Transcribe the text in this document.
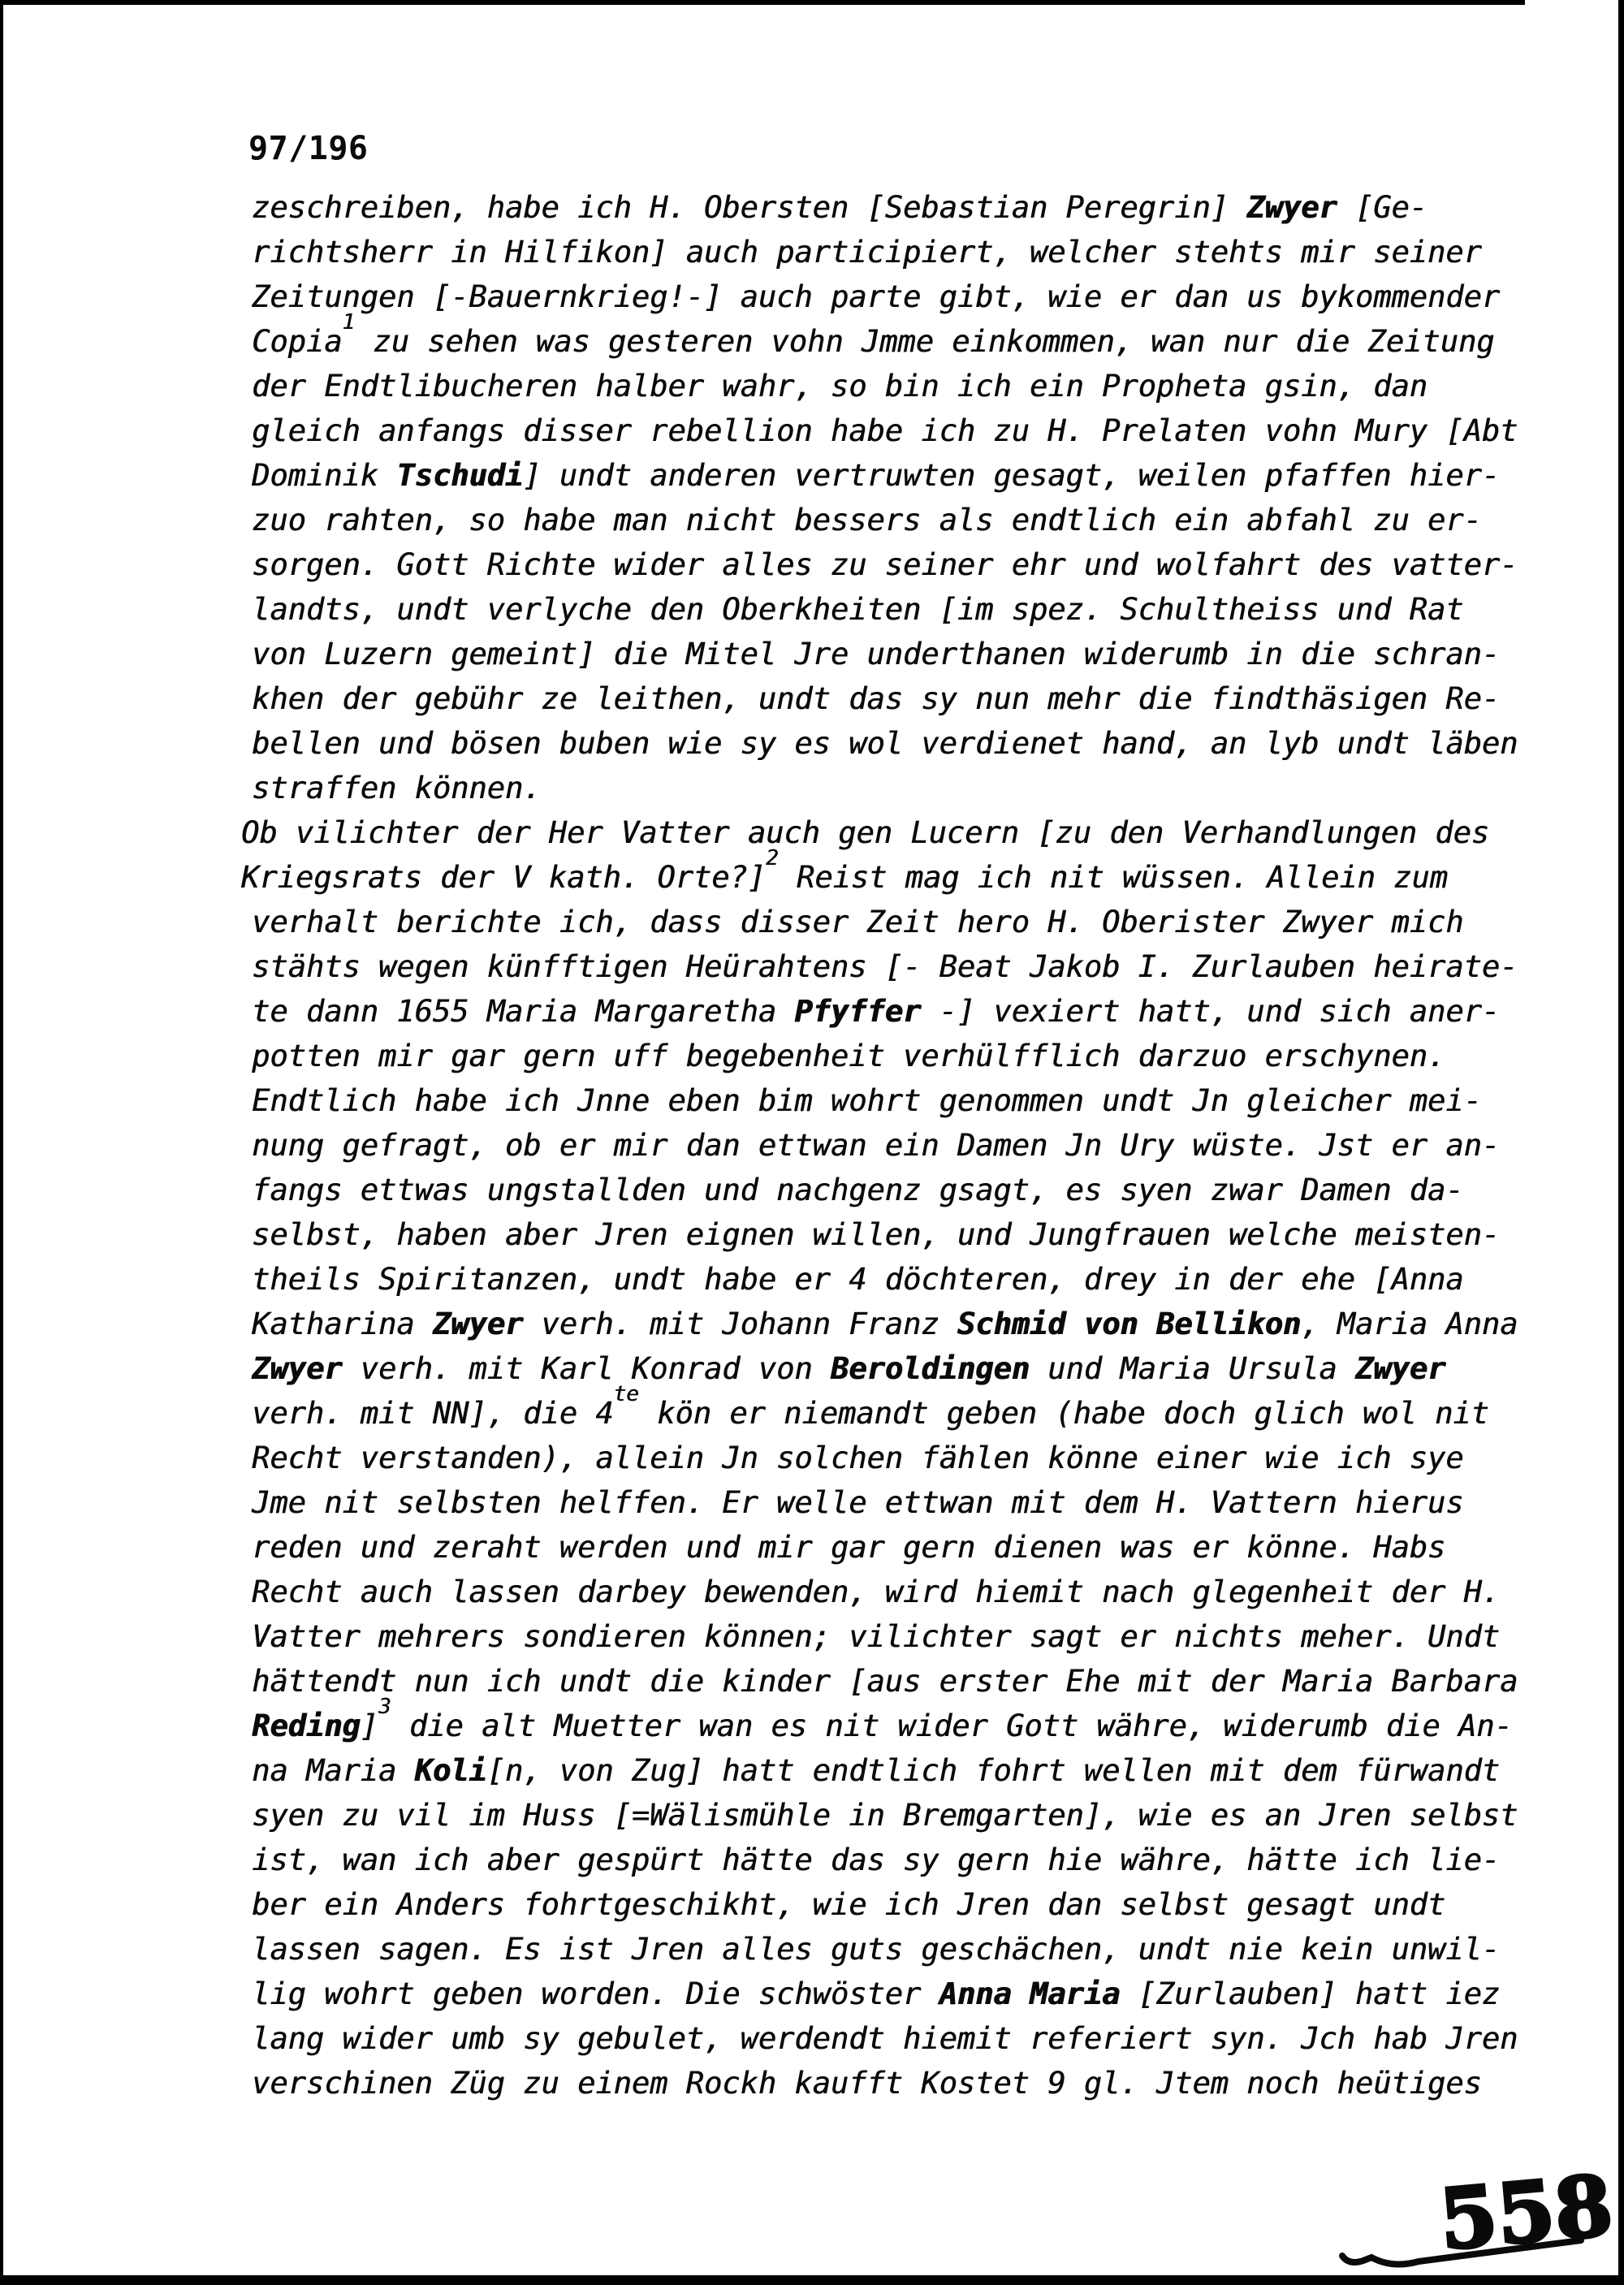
97/196
zeschreiben, habe ich H. Obersten [Sebastian Peregrin] Zwyer [Ge-
richtsherr in Hilfikon] auch participiert, welcher stehts mir seiner
Zeitungen [-Bauernkrieg!-] auch parte gibt, wie er dan us bykommender
Copia$^1$ zu sehen was gesteren vohn Jmme einkommen, wan nur die Zeitung
der Endtlibucheren halber wahr, so bin ich ein Propheta gsin, dan
gleich anfangs disser rebellion habe ich zu H. Prelaten vohn Mury [Abt
Dominik Tschudi] undt anderen vertruwten gesagt, weilen pfaffen hier-
zuo rahten, so habe man nicht bessers als endtlich ein abfahl zu er-
sorgen. Gott Richte wider alles zu seiner ehr und wolfahrt des vatter-
landts, undt verlyche den Oberkheiten [im spez. Schultheiss und Rat
von Luzern gemeint] die Mitel Jre underthanen widerumb in die schran-
khen der gebühr ze leithen, undt das sy nun mehr die findthäsigen Re-
bellen und bösen buben wie sy es wol verdienet hand, an lyb undt läben
straffen können.
Ob vilichter der Her Vatter auch gen Lucern [zu den Verhandlungen des
Kriegsrats der V kath. Orte?]$^2$ Reist mag ich nit wüssen. Allein zum
verhalt berichte ich, dass disser Zeit hero H. Oberister Zwyer mich
stähts wegen künfftigen Heürahtens [- Beat Jakob I. Zurlauben heirate-
te dann 1655 Maria Margaretha Pfyffer -] vexiert hatt, und sich aner-
potten mir gar gern uff begebenheit verhülfflich darzuo erschynen.
Endtlich habe ich Jnne eben bim wohrt genommen undt Jn gleicher mei-
nung gefragt, ob er mir dan ettwan ein Damen Jn Ury wüste. Jst er an-
fangs ettwas ungstallden und nachgenz gsagt, es syen zwar Damen da-
selbst, haben aber Jren eignen willen, und Jungfrauen welche meisten-
theils Spiritanzen, undt habe er 4 döchteren, drey in der ehe [Anna
Katharina Zwyer verh. mit Johann Franz Schmid von Bellikon, Maria Anna
Zwyer verh. mit Karl Konrad von Beroldingen und Maria Ursula Zwyer
verh. mit NN], die $4^{te}$ kön er niemandt geben (habe doch glich wol nit
Recht verstanden), allein Jn solchen fählen könne einer wie ich sye
Jme nit selbsten helffen. Er welle ettwan mit dem H. Vattern hierus
reden und zeraht werden und mir gar gern dienen was er könne. Habs
Recht auch lassen darbey bewenden, wird hiemit nach glegenheit der H.
Vatter mehrers sondieren können; vilichter sagt er nichts meher. Undt
hättendt nun ich undt die kinder [aus erster Ehe mit der Maria Barbara
Reding]$^3$ die alt Muetter wan es nit wider Gott währe, widerumb die An-
na Maria Koli[n, von Zug] hatt endtlich fohrt wellen mit dem fürwandt
syen zu vil im Huss [=Wälismühle in Bremgarten], wie es an Jren selbst
ist, wan ich aber gespürt hätte das sy gern hie währe, hätte ich lie-
ber ein Anders fohrtgeschikht, wie ich Jren dan selbst gesagt undt
lassen sagen. Es ist Jren alles guts geschächen, undt nie kein unwil-
lig wohrt geben worden. Die schwöster Anna Maria [Zurlauben] hatt iez
lang wider umb sy gebulet, werdendt hiemit referiert syn. Jch hab Jren
verschinen Züg zu einem Rockh kaufft Kostet 9 gl. Jtem noch heütiges
558
